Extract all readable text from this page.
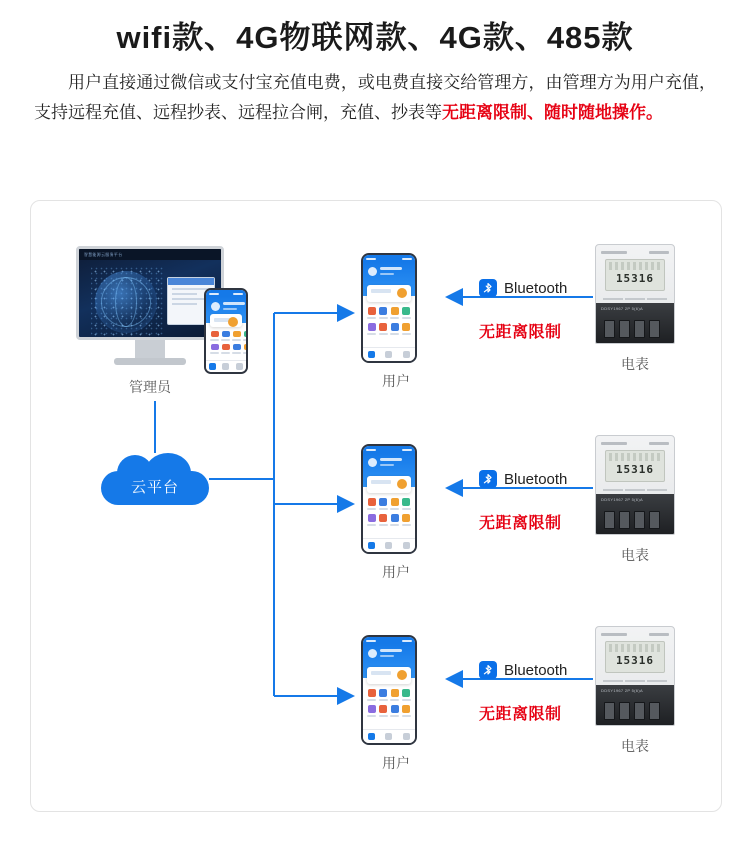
wifi款、4G物联网款、4G款、485款
用户直接通过微信或支付宝充值电费，或电费直接交给管理方，由管理方为用户充值，支持远程充值、远程抄表、远程拉合闸，充值、抄表等无距离限制、随时随地操作。
智慧能源云服务平台
管理员
云平台
用户
Bluetooth
无距离限制
15316
DDSY1967 2P 5(6)A
电表
用户
Bluetooth
无距离限制
15316
DDSY1967 2P 5(6)A
电表
用户
Bluetooth
无距离限制
15316
DDSY1967 2P 5(6)A
电表
